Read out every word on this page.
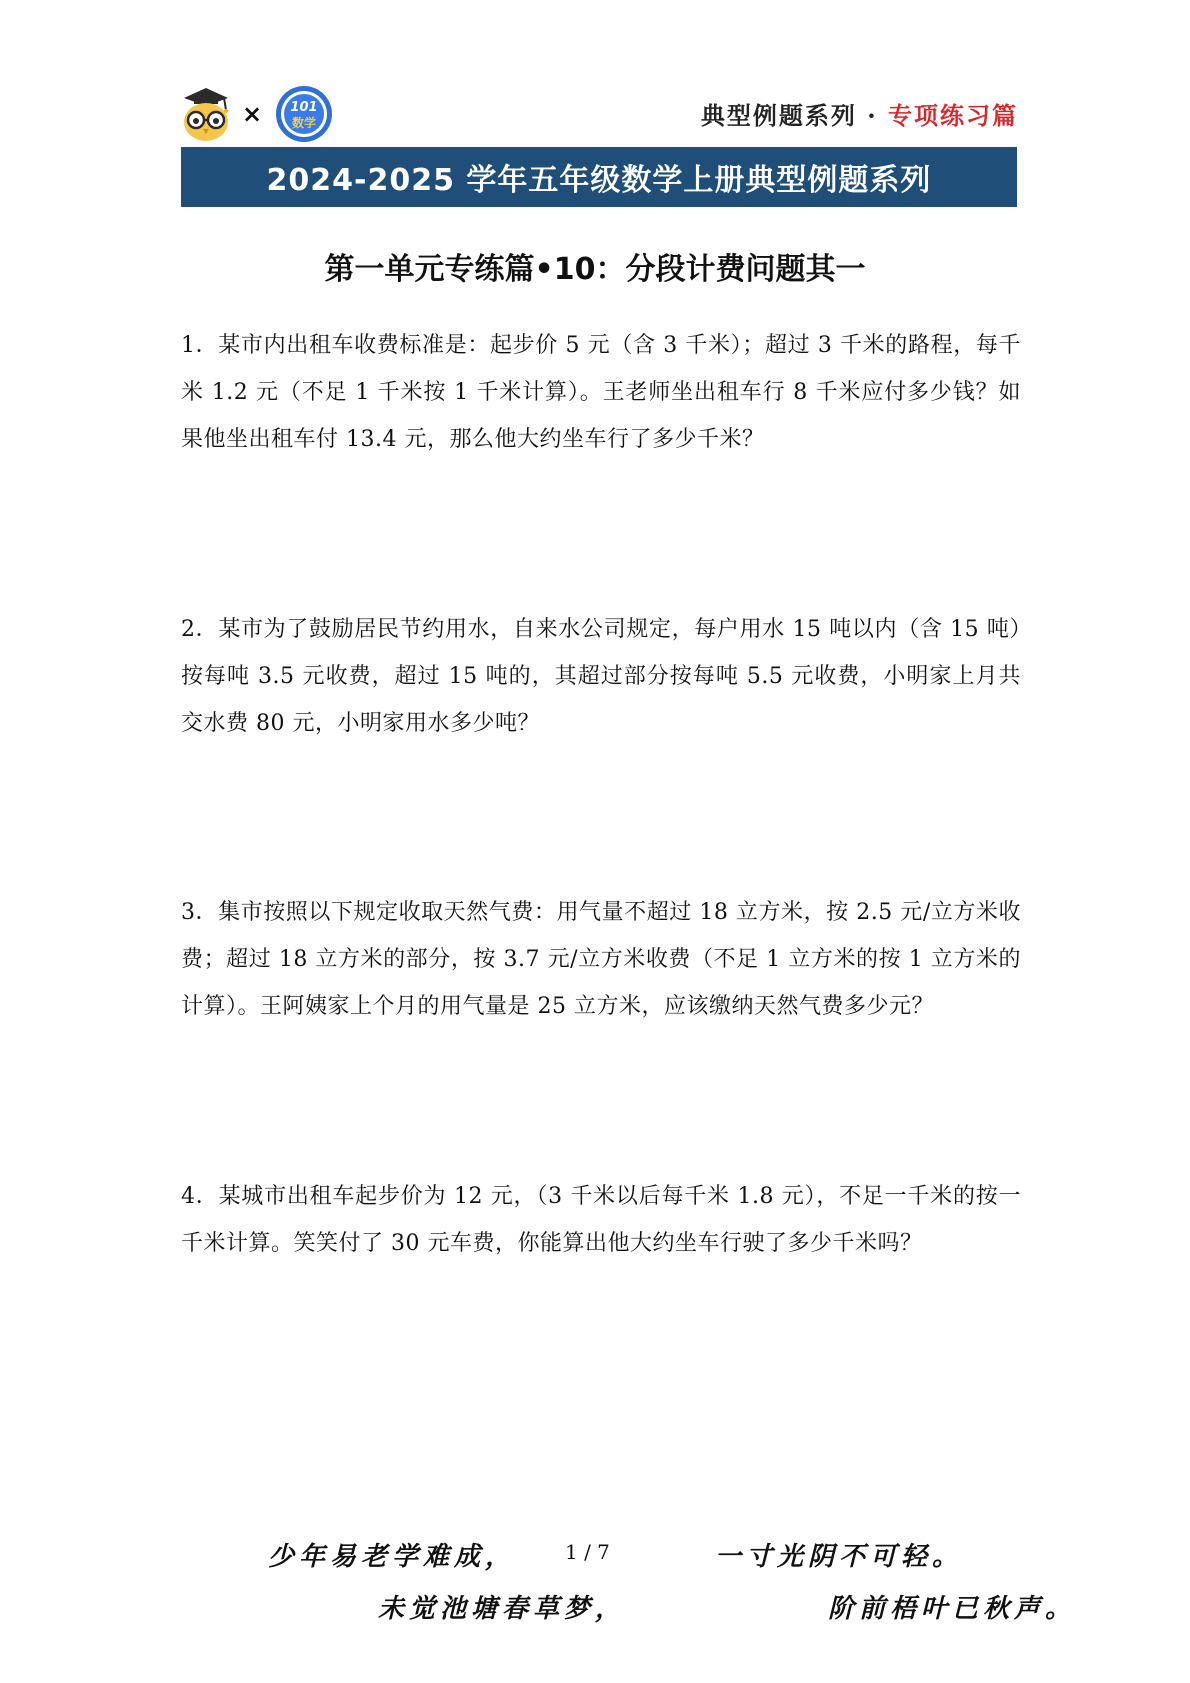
× 101
数学	典型例题系列 · 专项练习篇
2024-2025 学年五年级数学上册典型例题系列
第一单元专练篇•10：分段计费问题其一
1．某市内出租车收费标准是：起步价 5 元（含 3 千米）；超过 3 千米的路程，每千米 1.2 元（不足 1 千米按 1 千米计算）。王老师坐出租车行 8 千米应付多少钱？如果他坐出租车付 13.4 元，那么他大约坐车行了多少千米？
2．某市为了鼓励居民节约用水，自来水公司规定，每户用水 15 吨以内（含 15 吨）按每吨 3.5 元收费，超过 15 吨的，其超过部分按每吨 5.5 元收费，小明家上月共交水费 80 元，小明家用水多少吨？
3．集市按照以下规定收取天然气费：用气量不超过 18 立方米，按 2.5 元/立方米收费；超过 18 立方米的部分，按 3.7 元/立方米收费（不足 1 立方米的按 1 立方米的计算）。王阿姨家上个月的用气量是 25 立方米，应该缴纳天然气费多少元？
4．某城市出租车起步价为 12 元，（3 千米以后每千米 1.8 元），不足一千米的按一千米计算。笑笑付了 30 元车费，你能算出他大约坐车行驶了多少千米吗？
少年易老学难成， 1 / 7	一寸光阴不可轻。
未觉池塘春草梦，	阶前梧叶已秋声。
